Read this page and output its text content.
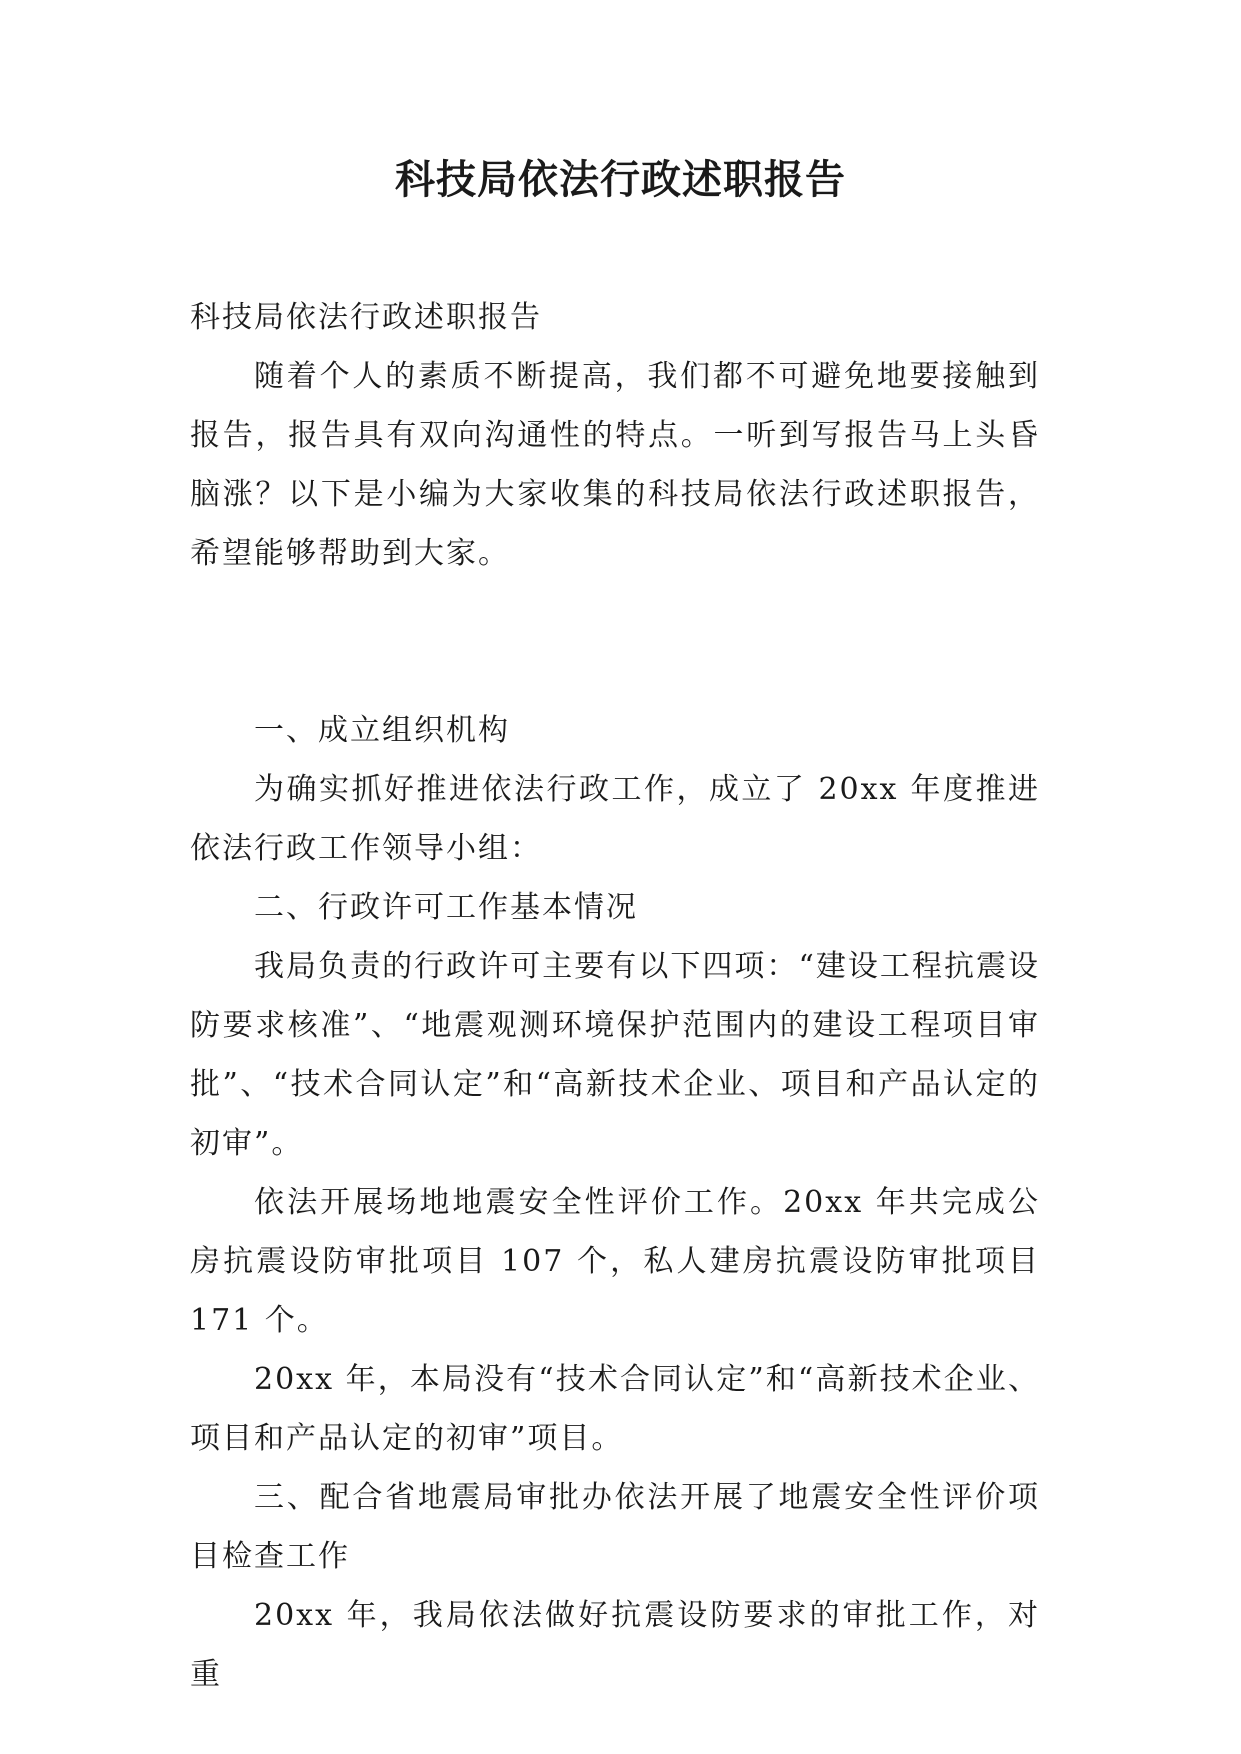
科技局依法行政述职报告

科技局依法行政述职报告

随着个人的素质不断提高，我们都不可避免地要接触到报告，报告具有双向沟通性的特点。一听到写报告马上头昏脑涨？以下是小编为大家收集的科技局依法行政述职报告，希望能够帮助到大家。

一、成立组织机构

为确实抓好推进依法行政工作，成立了 20xx 年度推进依法行政工作领导小组：

二、行政许可工作基本情况

我局负责的行政许可主要有以下四项：“建设工程抗震设防要求核准”、“地震观测环境保护范围内的建设工程项目审批”、“技术合同认定”和“高新技术企业、项目和产品认定的初审”。

依法开展场地地震安全性评价工作。20xx 年共完成公房抗震设防审批项目 107 个，私人建房抗震设防审批项目 171 个。

20xx 年，本局没有“技术合同认定”和“高新技术企业、项目和产品认定的初审”项目。

三、配合省地震局审批办依法开展了地震安全性评价项目检查工作

20xx 年，我局依法做好抗震设防要求的审批工作，对重
